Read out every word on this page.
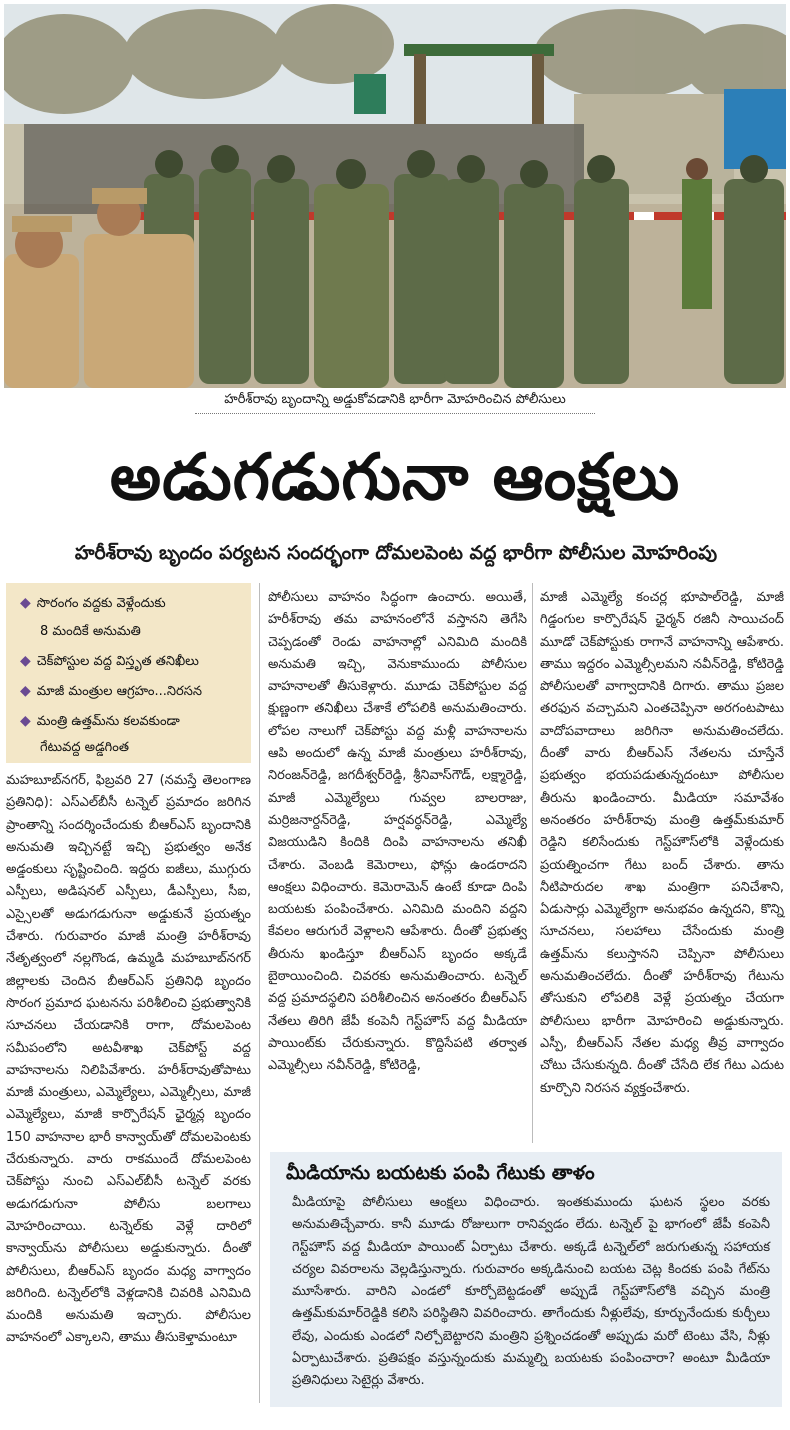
హరీశ్‌రావు బృందాన్ని అడ్డుకోవడానికి భారీగా మోహరించిన పోలీసులు
అడుగడుగునా ఆంక్షలు
హరీశ్‌రావు బృందం పర్యటన సందర్భంగా దోమలపెంట వద్ద భారీగా పోలీసుల మోహరింపు
◆ సొరంగం వద్దకు వెళ్లేందుకు
8 మందికే అనుమతి
◆ చెక్‌పోస్టుల వద్ద విస్తృత తనిఖీలు
◆ మాజీ మంత్రుల ఆగ్రహం...నిరసన
◆ మంత్రి ఉత్తమ్‌ను కలవకుండా
గేటువద్ద అడ్డగింత

మహబూబ్‌నగర్, ఫిబ్రవరి 27 (నమస్తే తెలంగాణ ప్రతినిధి): ఎస్‌ఎల్‌బీసీ టన్నెల్ ప్రమాదం జరిగిన ప్రాంతాన్ని సందర్శించేందుకు బీఆర్‌ఎస్ బృందానికి అనుమతి ఇచ్చినట్టే ఇచ్చి ప్రభుత్వం అనేక అడ్డంకులు సృష్టించింది. ఇద్దరు ఐజీలు, ముగ్గురు ఎస్పీలు, అడిషనల్ ఎస్పీలు, డీఎస్పీలు, సీఐ, ఎస్సైలతో అడుగడుగునా అడ్డుకునే ప్రయత్నం చేశారు. గురువారం మాజీ మంత్రి హరీశ్‌రావు నేతృత్వంలో నల్లగొండ, ఉమ్మడి మహబూబ్‌నగర్ జిల్లాలకు చెందిన బీఆర్‌ఎస్ ప్రతినిధి బృందం సొరంగ ప్రమాద ఘటనను పరిశీలించి ప్రభుత్వానికి సూచనలు చేయడానికి రాగా, దోమలపెంట సమీపంలోని అటవీశాఖ చెక్‌పోస్ట్ వద్ద వాహనాలను నిలిపివేశారు. హరీశ్‌రావుతోపాటు మాజీ మంత్రులు, ఎమ్మెల్యేలు, ఎమ్మెల్సీలు, మాజీ ఎమ్మెల్యేలు, మాజీ కార్పొరేషన్ ఛైర్మన్ల బృందం 150 వాహనాల భారీ కాన్వాయ్‌తో దోమలపెంటకు చేరుకున్నారు. వారు రాకముందే దోమలపెంట చెక్‌పోస్టు నుంచి ఎస్‌ఎల్‌బీసీ టన్నెల్ వరకు అడుగడుగునా పోలీసు బలగాలు మోహరించాయి. టన్నెల్‌కు వెళ్లే దారిలో కాన్వాయ్‌ను పోలీసులు అడ్డుకున్నారు. దీంతో పోలీసులు, బీఆర్‌ఎస్ బృందం మధ్య వాగ్వాదం జరిగింది. టన్నెల్‌లోకి వెళ్లడానికి చివరికి ఎనిమిది మందికి అనుమతి ఇచ్చారు. పోలీసుల వాహనంలో ఎక్కాలని, తాము తీసుకెళ్తామంటూ

పోలీసులు వాహనం సిద్ధంగా ఉంచారు. అయితే, హరీశ్‌రావు తమ వాహనంలోనే వస్తానని తెగేసి చెప్పడంతో రెండు వాహనాల్లో ఎనిమిది మందికి అనుమతి ఇచ్చి, వెనుకాముందు పోలీసుల వాహనాలతో తీసుకెళ్లారు. మూడు చెక్‌పోస్టుల వద్ద క్షుణ్ణంగా తనిఖీలు చేశాకే లోపలికి అనుమతించారు. లోపల నాలుగో చెక్‌పోస్టు వద్ద మళ్లీ వాహనాలను ఆపి అందులో ఉన్న మాజీ మంత్రులు హరీశ్‌రావు, నిరంజన్‌రెడ్డి, జగదీశ్వర్‌రెడ్డి, శ్రీనివాస్‌గౌడ్, లక్ష్మారెడ్డి, మాజీ ఎమ్మెల్యేలు గువ్వల బాలరాజు, మర్రిజనార్దన్‌రెడ్డి, హర్షవర్ధన్‌రెడ్డి, ఎమ్మెల్యే విజయుడిని కిందికి దింపి వాహనాలను తనిఖీ చేశారు. వెంబడి కెమెరాలు, ఫోన్లు ఉండరాదని ఆంక్షలు విధించారు. కెమెరామెన్ ఉంటే కూడా దింపి బయటకు పంపించేశారు. ఎనిమిది మందిని వద్దని కేవలం ఆరుగురే వెళ్లాలని ఆపేశారు. దీంతో ప్రభుత్వ తీరును ఖండిస్తూ బీఆర్‌ఎస్ బృందం అక్కడే బైఠాయించింది. చివరకు అనుమతించారు. టన్నెల్ వద్ద ప్రమాదస్థలిని పరిశీలించిన అనంతరం బీఆర్‌ఎస్ నేతలు తిరిగి జేపీ కంపెనీ గెస్ట్‌హౌస్ వద్ద మీడియా పాయింట్‌కు చేరుకున్నారు. కొద్దిసేపటి తర్వాత ఎమ్మెల్సీలు నవీన్‌రెడ్డి, కోటిరెడ్డి,

మాజీ ఎమ్మెల్యే కంచర్ల భూపాల్‌రెడ్డి, మాజీ గిడ్డంగుల కార్పొరేషన్ ఛైర్మన్ రజినీ సాయిచంద్ మూడో చెక్‌పోస్టుకు రాగానే వాహనాన్ని ఆపేశారు. తాము ఇద్దరం ఎమ్మెల్సీలమని నవీన్‌రెడ్డి, కోటిరెడ్డి పోలీసులతో వాగ్వాదానికి దిగారు. తాము ప్రజల తరఫున వచ్చామని ఎంతచెప్పినా అరగంటపాటు వాదోపవాదాలు జరిగినా అనుమతించలేదు. దీంతో వారు బీఆర్‌ఎస్ నేతలను చూస్తేనే ప్రభుత్వం భయపడుతున్నదంటూ పోలీసుల తీరును ఖండించారు. మీడియా సమావేశం అనంతరం హరీశ్‌రావు మంత్రి ఉత్తమ్‌కుమార్ రెడ్డిని కలిసేందుకు గెస్ట్‌హౌస్‌లోకి వెళ్లేందుకు ప్రయత్నించగా గేటు బంద్ చేశారు. తాను నీటిపారుదల శాఖ మంత్రిగా పనిచేశాని, ఏడుసార్లు ఎమ్మెల్యేగా అనుభవం ఉన్నదని, కొన్ని సూచనలు, సలహాలు చేసేందుకు మంత్రి ఉత్తమ్‌ను కలుస్తానని చెప్పినా పోలీసులు అనుమతించలేదు. దీంతో హరీశ్‌రావు గేటును తోసుకుని లోపలికి వెళ్లే ప్రయత్నం చేయగా పోలీసులు భారీగా మోహరించి అడ్డుకున్నారు. ఎస్పీ, బీఆర్‌ఎస్ నేతల మధ్య తీవ్ర వాగ్వాదం చోటు చేసుకున్నది. దీంతో చేసేది లేక గేటు ఎదుట కూర్చొని నిరసన వ్యక్తంచేశారు.

మీడియాను బయటకు పంపి గేటుకు తాళం
మీడియాపై పోలీసులు ఆంక్షలు విధించారు. ఇంతకుముందు ఘటన స్థలం వరకు అనుమతిచ్చేవారు. కానీ మూడు రోజులుగా రానివ్వడం లేదు. టన్నెల్ పై భాగంలో జేపీ కంపెనీ గెస్ట్‌హౌస్ వద్ద మీడియా పాయింట్ ఏర్పాటు చేశారు. అక్కడే టన్నెల్‌లో జరుగుతున్న సహాయక చర్యల వివరాలను వెల్లడిస్తున్నారు. గురువారం అక్కడినుంచి బయట చెట్ల కిందకు పంపి గేట్‌ను మూసేశారు. వారిని ఎండలో కూర్చోబెట్టడంతో అప్పుడే గెస్ట్‌హౌస్‌లోకి వచ్చిన మంత్రి ఉత్తమ్‌కుమార్‌రెడ్డికి కలిసి పరిస్థితిని వివరించారు. తాగేందుకు నీళ్లులేవు, కూర్చునేందుకు కుర్చీలు లేవు, ఎందుకు ఎండలో నిల్చోబెట్టారని మంత్రిని ప్రశ్నించడంతో అప్పుడు మరో టెంటు వేసి, నీళ్లు ఏర్పాటుచేశారు. ప్రతిపక్షం వస్తున్నందుకు మమ్మల్ని బయటకు పంపించారా? అంటూ మీడియా ప్రతినిధులు సెటైర్లు వేశారు.
